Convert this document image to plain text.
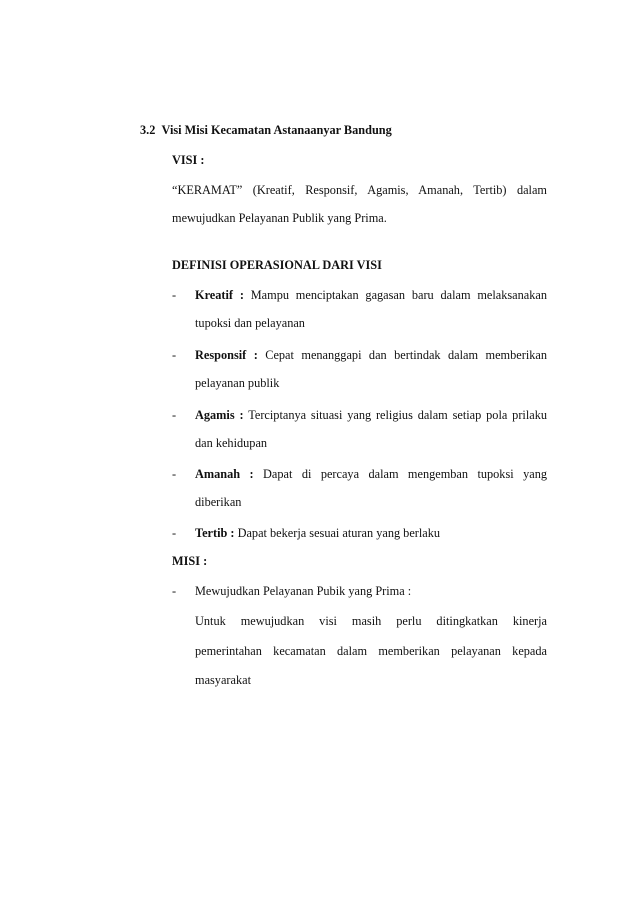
3.2 Visi Misi Kecamatan Astanaanyar Bandung
VISI :
“KERAMAT” (Kreatif, Responsif, Agamis, Amanah, Tertib) dalam
mewujudkan Pelayanan Publik yang Prima.
DEFINISI OPERASIONAL DARI VISI
- Kreatif : Mampu menciptakan gagasan baru dalam melaksanakan
tupoksi dan pelayanan
- Responsif : Cepat menanggapi dan bertindak dalam memberikan
pelayanan publik
- Agamis : Terciptanya situasi yang religius dalam setiap pola prilaku
dan kehidupan
- Amanah : Dapat di percaya dalam mengemban tupoksi yang
diberikan
- Tertib : Dapat bekerja sesuai aturan yang berlaku
MISI :
- Mewujudkan Pelayanan Pubik yang Prima :
Untuk mewujudkan visi masih perlu ditingkatkan kinerja
pemerintahan kecamatan dalam memberikan pelayanan kepada
masyarakat
